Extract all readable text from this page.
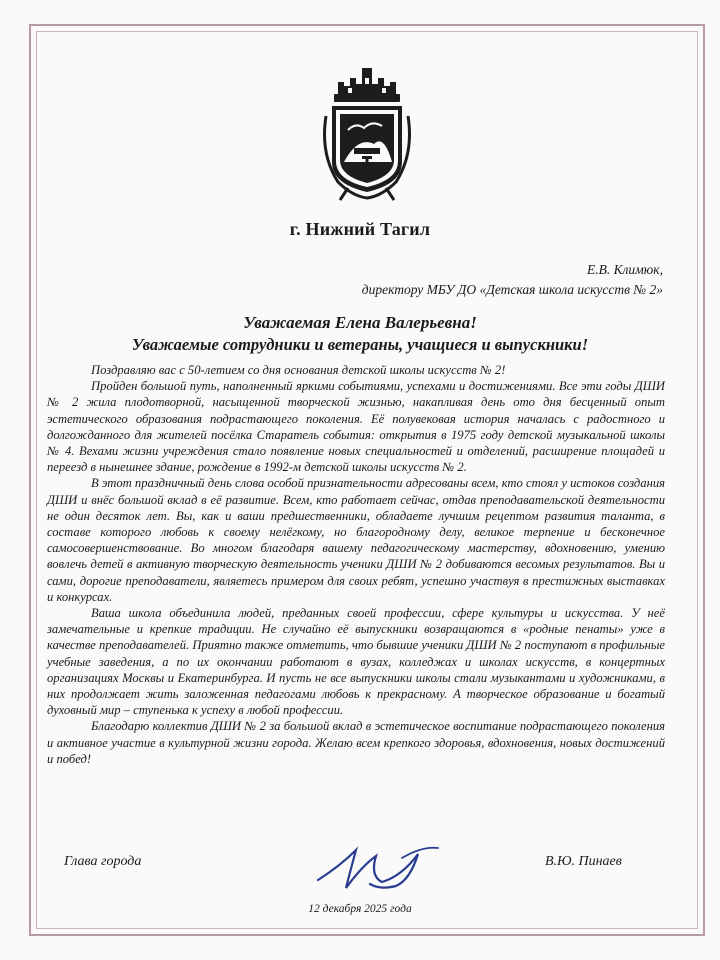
г. Нижний Тагил
Е.В. Климюк,
директору МБУ ДО «Детская школа искусств № 2»
Уважаемая Елена Валерьевна!
Уважаемые сотрудники и ветераны, учащиеся и выпускники!

Поздравляю вас с 50-летием со дня основания детской школы искусств № 2!

Пройден большой путь, наполненный яркими событиями, успехами и достижениями. Все эти годы ДШИ № 2 жила плодотворной, насыщенной творческой жизнью, накапливая день ото дня бесценный опыт эстетического образования подрастающего поколения. Её полувековая история началась с радостного и долгожданного для жителей посёлка Старатель события: открытия в 1975 году детской музыкальной школы № 4. Вехами жизни учреждения стало появление новых специальностей и отделений, расширение площадей и переезд в нынешнее здание, рождение в 1992-м детской школы искусств № 2.

В этот праздничный день слова особой признательности адресованы всем, кто стоял у истоков создания ДШИ и внёс большой вклад в её развитие. Всем, кто работает сейчас, отдав преподавательской деятельности не один десяток лет. Вы, как и ваши предшественники, обладаете лучшим рецептом развития таланта, в составе которого любовь к своему нелёгкому, но благородному делу, великое терпение и бесконечное самосовершенствование. Во многом благодаря вашему педагогическому мастерству, вдохновению, умению вовлечь детей в активную творческую деятельность ученики ДШИ № 2 добиваются весомых результатов. Вы и сами, дорогие преподаватели, являетесь примером для своих ребят, успешно участвуя в престижных выставках и конкурсах.

Ваша школа объединила людей, преданных своей профессии, сфере культуры и искусства. У неё замечательные и крепкие традиции. Не случайно её выпускники возвращаются в «родные пенаты» уже в качестве преподавателей. Приятно также отметить, что бывшие ученики ДШИ № 2 поступают в профильные учебные заведения, а по их окончании работают в вузах, колледжах и школах искусств, в концертных организациях Москвы и Екатеринбурга. И пусть не все выпускники школы стали музыкантами и художниками, в них продолжает жить заложенная педагогами любовь к прекрасному. А творческое образование и богатый духовный мир – ступенька к успеху в любой профессии.

Благодарю коллектив ДШИ № 2 за большой вклад в эстетическое воспитание подрастающего поколения и активное участие в культурной жизни города. Желаю всем крепкого здоровья, вдохновения, новых достижений и побед!

Глава города	В.Ю. Пинаев
12 декабря 2025 года
